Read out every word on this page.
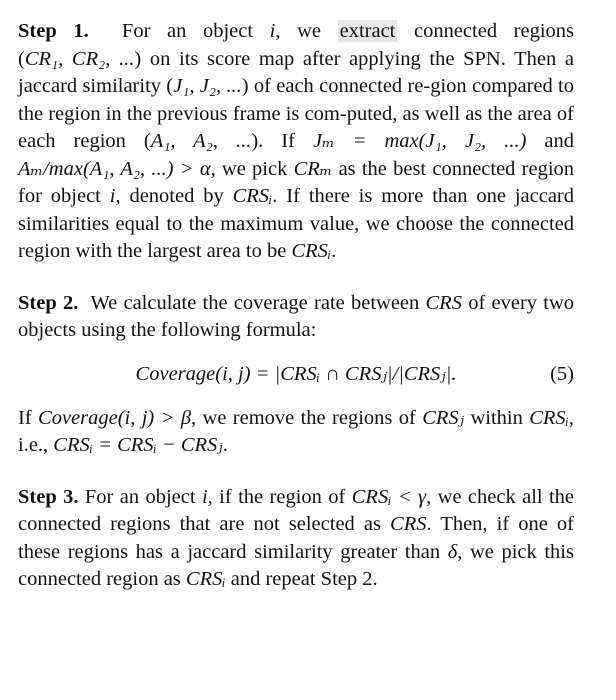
Step 1. For an object i, we extract connected regions (CR₁, CR₂, ...) on its score map after applying the SPN. Then a jaccard similarity (J₁, J₂, ...) of each connected re-gion compared to the region in the previous frame is com-puted, as well as the area of each region (A₁, A₂, ...). If Jₘ = max(J₁, J₂, ...) and Aₘ/max(A₁, A₂, ...) > α, we pick CRₘ as the best connected region for object i, denoted by CRSᵢ. If there is more than one jaccard similarities equal to the maximum value, we choose the connected region with the largest area to be CRSᵢ.

Step 2. We calculate the coverage rate between CRS of every two objects using the following formula:

Coverage(i, j) = |CRSᵢ ∩ CRSⱼ|/|CRSⱼ|.	(5)

If Coverage(i, j) > β, we remove the regions of CRSⱼ within CRSᵢ, i.e., CRSᵢ = CRSᵢ − CRSⱼ.

Step 3. For an object i, if the region of CRSᵢ < γ, we check all the connected regions that are not selected as CRS. Then, if one of these regions has a jaccard similarity greater than δ, we pick this connected region as CRSᵢ and repeat Step 2.
